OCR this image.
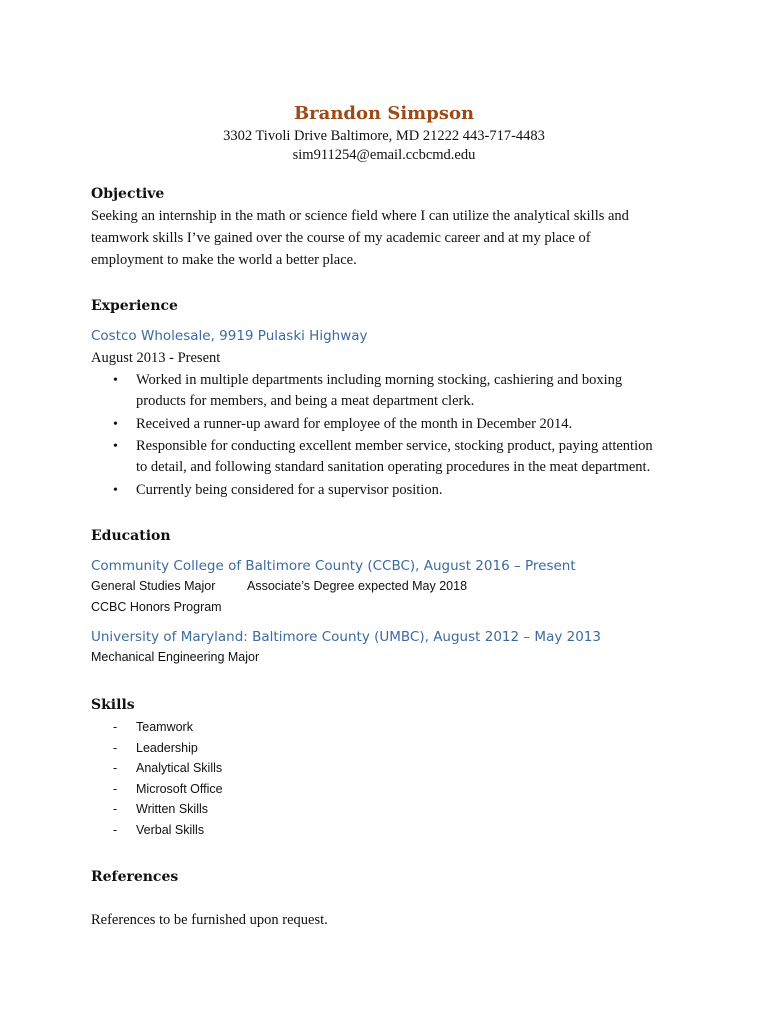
Brandon Simpson
3302 Tivoli Drive Baltimore, MD 21222 443-717-4483
sim911254@email.ccbcmd.edu
Objective
Seeking an internship in the math or science field where I can utilize the analytical skills and
teamwork skills I’ve gained over the course of my academic career and at my place of
employment to make the world a better place.
Experience
Costco Wholesale, 9919 Pulaski Highway
August 2013 - Present
• Worked in multiple departments including morning stocking, cashiering and boxing
products for members, and being a meat department clerk.
• Received a runner-up award for employee of the month in December 2014.
• Responsible for conducting excellent member service, stocking product, paying attention
to detail, and following standard sanitation operating procedures in the meat department.
• Currently being considered for a supervisor position.
Education
Community College of Baltimore County (CCBC), August 2016 – Present
General Studies Major	Associate’s Degree expected May 2018
CCBC Honors Program
University of Maryland: Baltimore County (UMBC), August 2012 – May 2013
Mechanical Engineering Major
Skills
- Teamwork
- Leadership
- Analytical Skills
- Microsoft Office
- Written Skills
- Verbal Skills
References
References to be furnished upon request.
